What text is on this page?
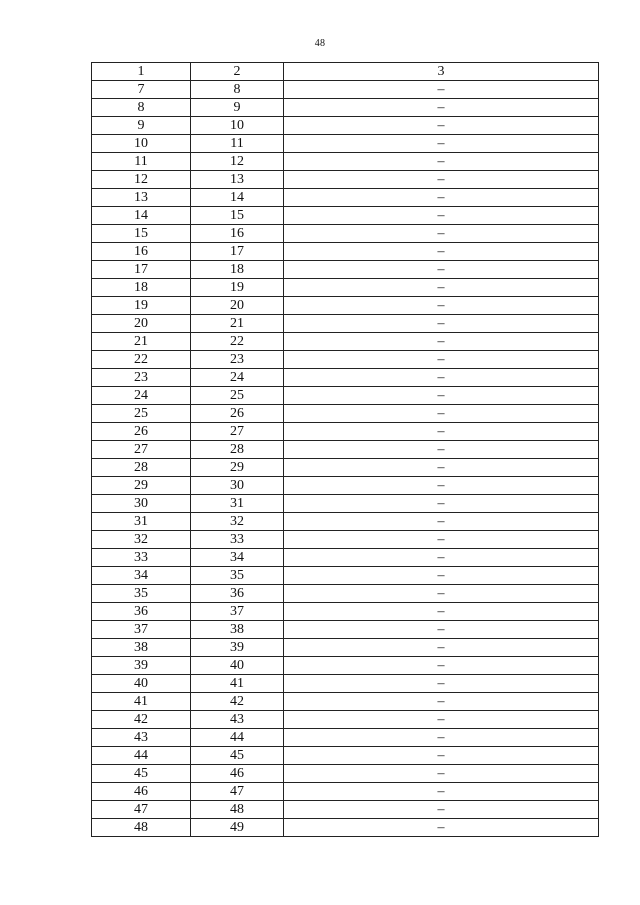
48
1	2	3
7	8	–
8	9	–
9	10	–
10	11	–
11	12	–
12	13	–
13	14	–
14	15	–
15	16	–
16	17	–
17	18	–
18	19	–
19	20	–
20	21	–
21	22	–
22	23	–
23	24	–
24	25	–
25	26	–
26	27	–
27	28	–
28	29	–
29	30	–
30	31	–
31	32	–
32	33	–
33	34	–
34	35	–
35	36	–
36	37	–
37	38	–
38	39	–
39	40	–
40	41	–
41	42	–
42	43	–
43	44	–
44	45	–
45	46	–
46	47	–
47	48	–
48	49	–
